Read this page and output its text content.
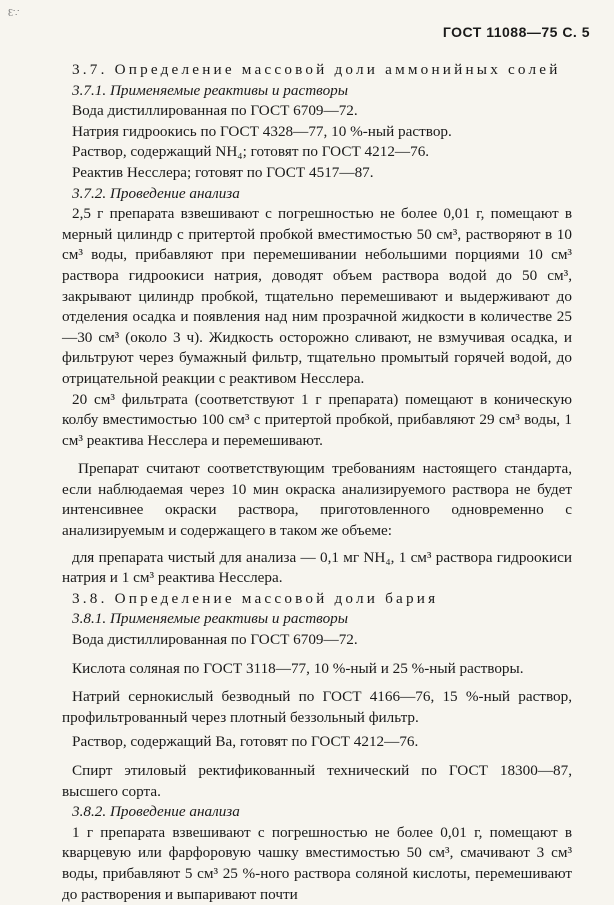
Ɛ∵
ГОСТ 11088—75 С. 5

3.7. Определение массовой доли аммонийных солей

3.7.1. Применяемые реактивы и растворы

Вода дистиллированная по ГОСТ 6709—72.

Натрия гидроокись по ГОСТ 4328—77, 10 %-ный раствор.

Раствор, содержащий NH₄; готовят по ГОСТ 4212—76.

Реактив Несслера; готовят по ГОСТ 4517—87.

3.7.2. Проведение анализа

2,5 г препарата взвешивают с погрешностью не более 0,01 г, помещают в мерный цилиндр с притертой пробкой вместимостью 50 см³, растворяют в 10 см³ воды, прибавляют при перемешивании небольшими порциями 10 см³ раствора гидроокиси натрия, доводят объем раствора водой до 50 см³, закрывают цилиндр пробкой, тщательно перемешивают и выдерживают до отделения осадка и появления над ним прозрачной жидкости в количестве 25—30 см³ (около 3 ч). Жидкость осторожно сливают, не взмучивая осадка, и фильтруют через бумажный фильтр, тщательно промытый горячей водой, до отрицательной реакции с реактивом Несслера.

20 см³ фильтрата (соответствуют 1 г препарата) помещают в коническую колбу вместимостью 100 см³ с притертой пробкой, прибавляют 29 см³ воды, 1 см³ реактива Несслера и перемешивают.

Препарат считают соответствующим требованиям настоящего стандарта, если наблюдаемая через 10 мин окраска анализируемого раствора не будет интенсивнее окраски раствора, приготовленного одновременно с анализируемым и содержащего в таком же объеме:

для препарата чистый для анализа — 0,1 мг NH₄, 1 см³ раствора гидроокиси натрия и 1 см³ реактива Несслера.

3.8. Определение массовой доли бария

3.8.1. Применяемые реактивы и растворы

Вода дистиллированная по ГОСТ 6709—72.

Кислота соляная по ГОСТ 3118—77, 10 %-ный и 25 %-ный растворы.

Натрий сернокислый безводный по ГОСТ 4166—76, 15 %-ный раствор, профильтрованный через плотный беззольный фильтр.

Раствор, содержащий Ba, готовят по ГОСТ 4212—76.

Спирт этиловый ректификованный технический по ГОСТ 18300—87, высшего сорта.

3.8.2. Проведение анализа

1 г препарата взвешивают с погрешностью не более 0,01 г, помещают в кварцевую или фарфоровую чашку вместимостью 50 см³, смачивают 3 см³ воды, прибавляют 5 см³ 25 %-ного раствора соляной кислоты, перемешивают до растворения и выпаривают почти
